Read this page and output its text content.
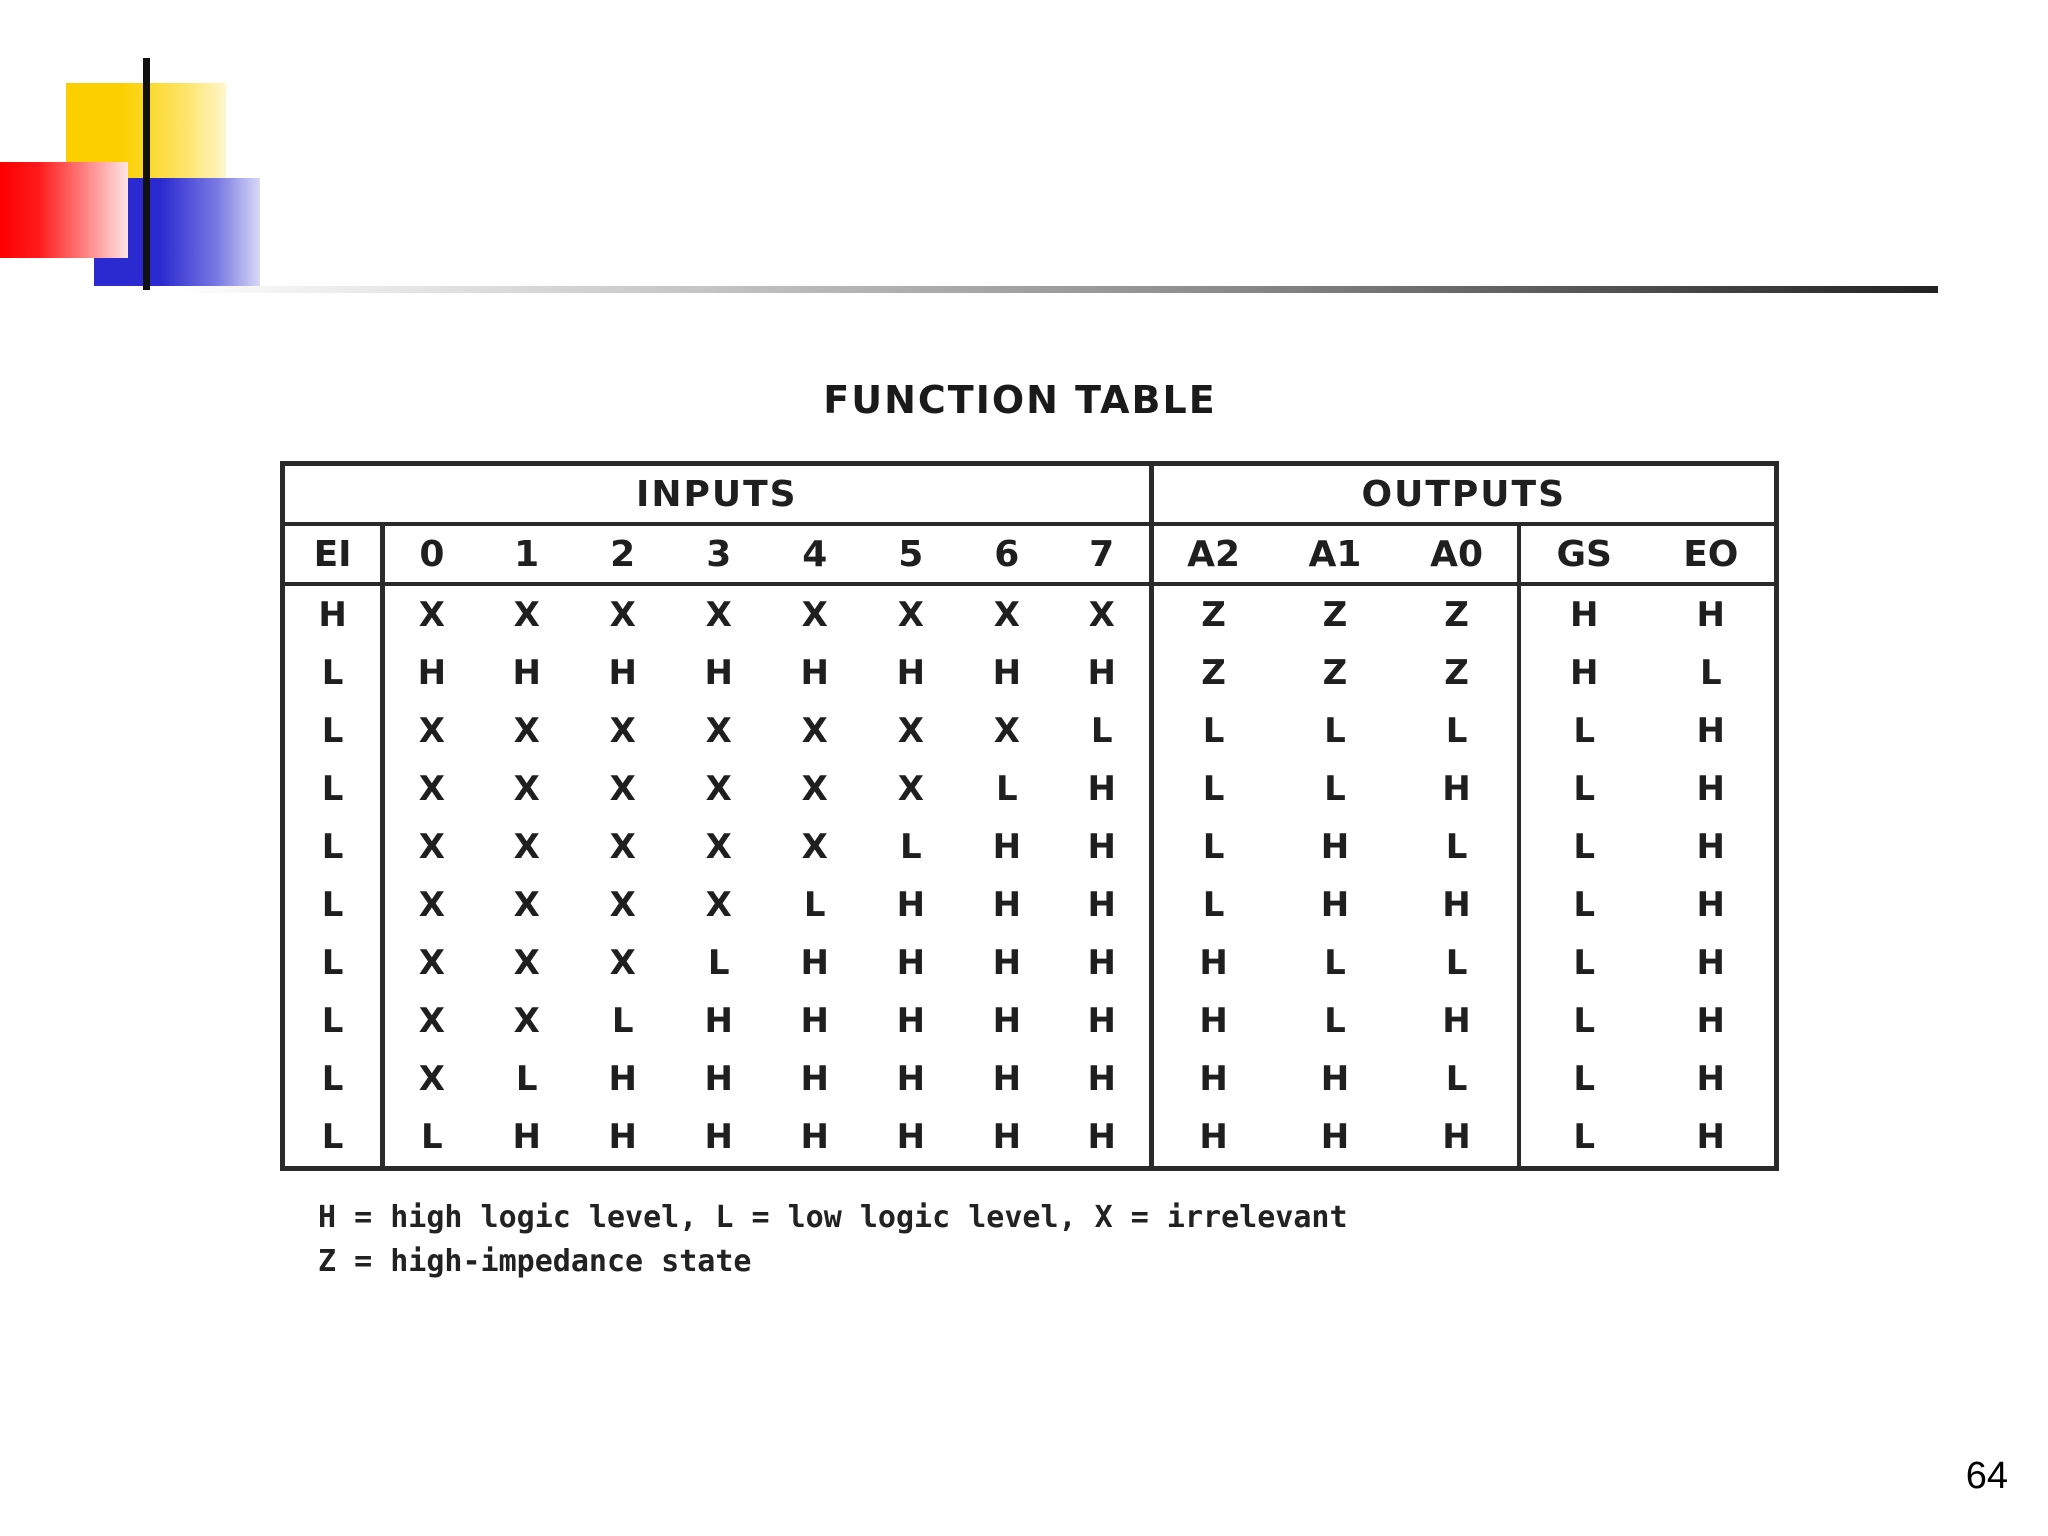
FUNCTION TABLE
INPUTS									OUTPUTS				
EI	0	1	2	3	4	5	6	7	A2	A1	A0	GS	EO
H	X	X	X	X	X	X	X	X	Z	Z	Z	H	H
L	H	H	H	H	H	H	H	H	Z	Z	Z	H	L
L	X	X	X	X	X	X	X	L	L	L	L	L	H
L	X	X	X	X	X	X	L	H	L	L	H	L	H
L	X	X	X	X	X	L	H	H	L	H	L	L	H
L	X	X	X	X	L	H	H	H	L	H	H	L	H
L	X	X	X	L	H	H	H	H	H	L	L	L	H
L	X	X	L	H	H	H	H	H	H	L	H	L	H
L	X	L	H	H	H	H	H	H	H	H	L	L	H
L	L	H	H	H	H	H	H	H	H	H	H	L	H
H = high logic level, L = low logic level, X = irrelevant
Z = high-impedance state
64
